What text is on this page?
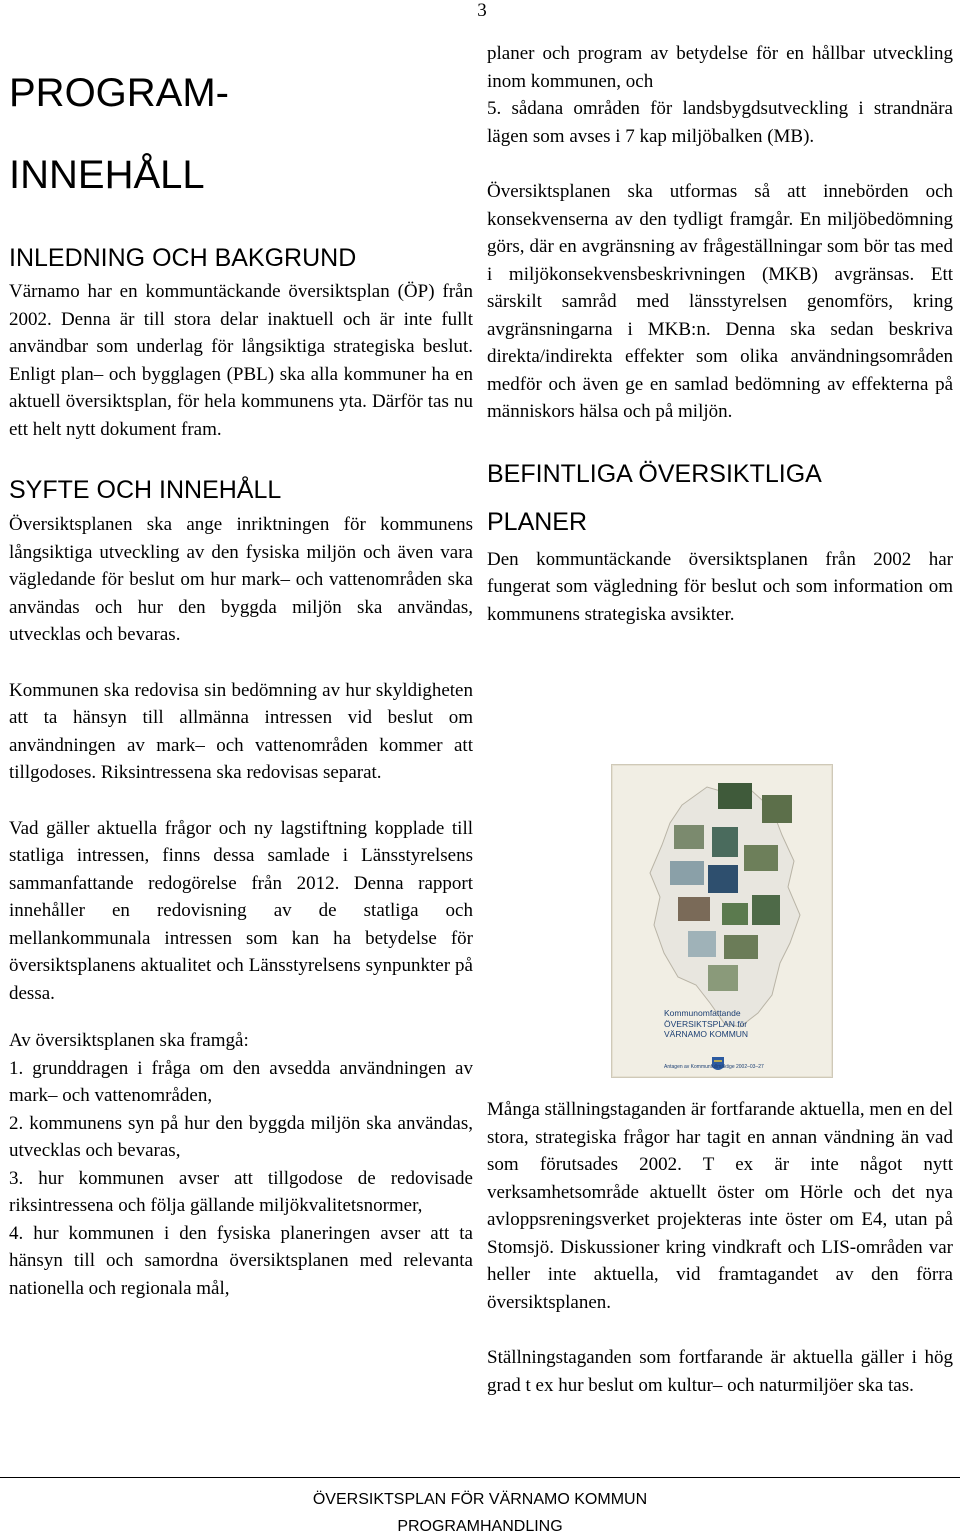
3
PROGRAM-
INNEHÅLL
INLEDNING OCH BAKGRUND

Värnamo har en kommuntäckande översiktsplan (ÖP) från 2002. Denna är till stora delar inaktuell och är inte fullt användbar som underlag för långsiktiga strategiska beslut. Enligt plan– och bygglagen (PBL) ska alla kommuner ha en aktuell översiktsplan, för hela kommunens yta. Därför tas nu ett helt nytt dokument fram.

SYFTE OCH INNEHÅLL

Översiktsplanen ska ange inriktningen för kommunens långsiktiga utveckling av den fysiska miljön och även vara vägledande för beslut om hur mark– och vattenområden ska användas och hur den byggda miljön ska användas, utvecklas och bevaras.

Kommunen ska redovisa sin bedömning av hur skyldigheten att ta hänsyn till allmänna intressen vid beslut om användningen av mark– och vattenområden kommer att tillgodoses. Riksintressena ska redovisas separat.

Vad gäller aktuella frågor och ny lagstiftning kopplade till statliga intressen, finns dessa samlade i Länsstyrelsens sammanfattande redogörelse från 2012. Denna rapport innehåller en redovisning av de statliga och mellankommunala intressen som kan ha betydelse för översiktsplanens aktualitet och Länsstyrelsens synpunkter på dessa.

Av översiktsplanen ska framgå:

1. grunddragen i fråga om den avsedda användningen av mark– och vattenområden,

2. kommunens syn på hur den byggda miljön ska användas, utvecklas och bevaras,

3. hur kommunen avser att tillgodose de redovisade riksintressena och följa gällande miljökvalitetsnormer,

4. hur kommunen i den fysiska planeringen avser att ta hänsyn till och samordna översiktsplanen med relevanta nationella och regionala mål,

planer och program av betydelse för en hållbar utveckling inom kommunen, och

5. sådana områden för landsbygdsutveckling i strandnära lägen som avses i 7 kap miljöbalken (MB).

Översiktsplanen ska utformas så att innebörden och konsekvenserna av den tydligt framgår. En miljöbedömning görs, där en avgränsning av frågeställningar som bör tas med i miljökonsekvensbeskrivningen (MKB) avgränsas. Ett särskilt samråd med länsstyrelsen genomförs, kring avgränsningarna i MKB:n. Denna ska sedan beskriva direkta/indirekta effekter som olika användningsområden medför och även ge en samlad bedömning av effekterna på människors hälsa och på miljön.

BEFINTLIGA ÖVERSIKTLIGA
PLANER

Den kommuntäckande översiktsplanen från 2002 har fungerat som vägledning för beslut och som information om kommunens strategiska avsikter.

Kommunomfattande
ÖVERSIKTSPLAN för
VÄRNAMO KOMMUN
Antagen av Kommunfullmäktige 2002–03–27

Många ställningstaganden är fortfarande aktuella, men en del stora, strategiska frågor har tagit en annan vändning än vad som förutsades 2002. T ex är inte något nytt verksamhetsområde aktuellt öster om Hörle och det nya avloppsreningsverket projekteras inte öster om E4, utan på Stomsjö. Diskussioner kring vindkraft och LIS-områden var heller inte aktuella, vid framtagandet av den förra översiktsplanen.

Ställningstaganden som fortfarande är aktuella gäller i hög grad t ex hur beslut om kultur– och naturmiljöer ska tas.

ÖVERSIKTSPLAN FÖR VÄRNAMO KOMMUN
PROGRAMHANDLING
